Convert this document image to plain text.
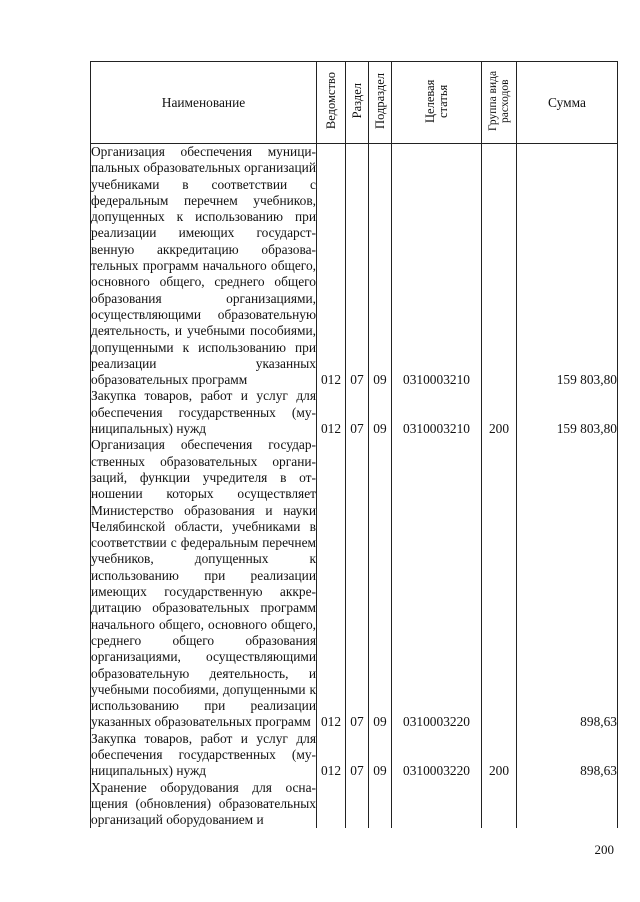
Наименование	Ведомство	Раздел	Подраздел	Целевая статья	Группа вида расходов	Сумма
Организация обеспечения муниципальных образовательных организаций учебниками в соответствии с федеральным перечнем учебников, допущенных к использованию при реализации имеющих государственную аккредитацию образовательных программ начального общего, основного общего, среднего общего образования организациями, осуществляющими образовательную деятельность, и учебными пособиями, допущенными к использованию при реализации указанных образовательных программ	012	07	09	0310003210		159 803,80
Закупка товаров, работ и услуг для обеспечения государственных (муниципальных) нужд	012	07	09	0310003210	200	159 803,80
Организация обеспечения государственных образовательных организаций, функции учредителя в отношении которых осуществляет Министерство образования и науки Челябинской области, учебниками в соответствии с федеральным перечнем учебников, допущенных к использованию при реализации имеющих государственную аккредитацию образовательных программ начального общего, основного общего, среднего общего образования организациями, осуществляющими образовательную деятельность, и учебными пособиями, допущенными к использованию при реализации указанных образовательных программ	012	07	09	0310003220		898,63
Закупка товаров, работ и услуг для обеспечения государственных (муниципальных) нужд	012	07	09	0310003220	200	898,63
Хранение оборудования для оснащения (обновления) образовательных организаций оборудованием и						
200
